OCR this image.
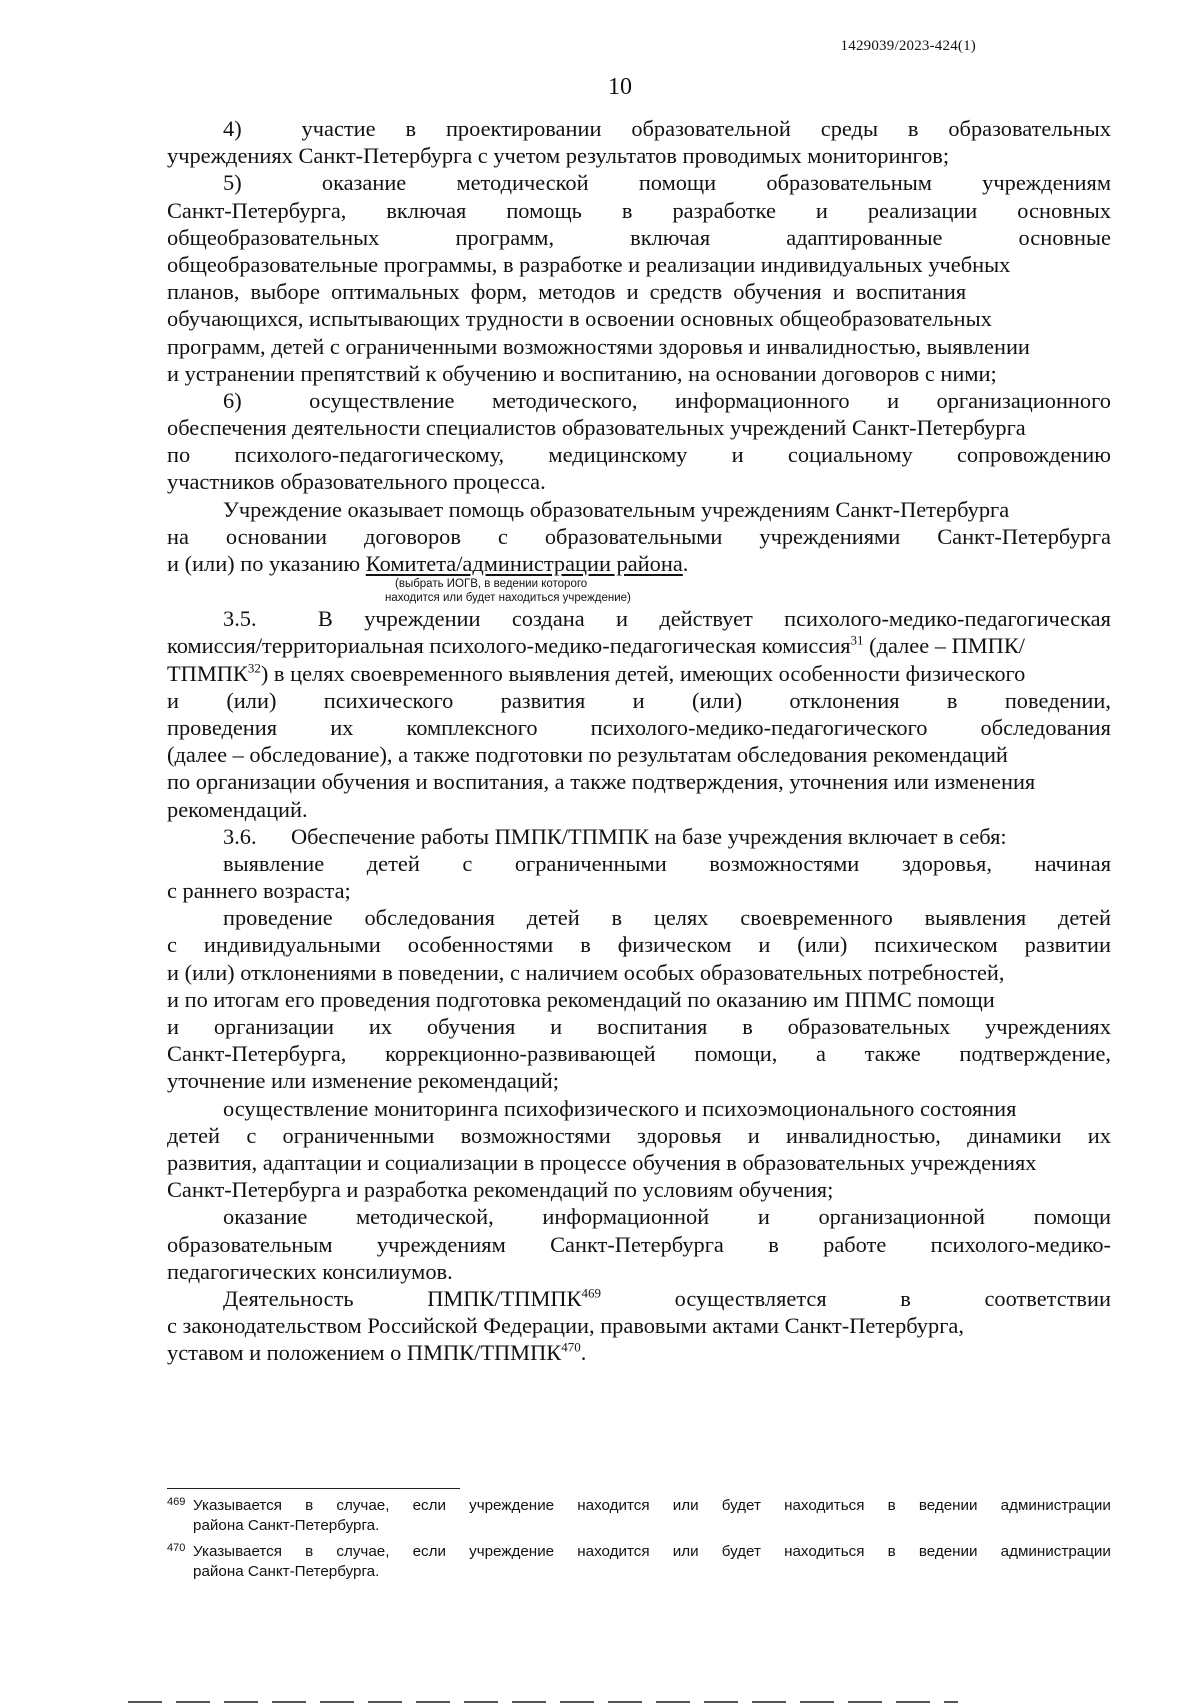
1429039/2023-424(1)
10
4)	участие в проектировании образовательной среды в образовательных
учреждениях Санкт-Петербурга с учетом результатов проводимых мониторингов;
5)	оказание методической помощи образовательным учреждениям
Санкт-Петербурга, включая помощь в разработке и реализации основных
общеобразовательных	программ,	включая	адаптированные	основные
общеобразовательные программы, в разработке и реализации индивидуальных учебных
планов, выборе оптимальных форм, методов и средств обучения и воспитания
обучающихся, испытывающих трудности в освоении основных общеобразовательных
программ, детей с ограниченными возможностями здоровья и инвалидностью, выявлении
и устранении препятствий к обучению и воспитанию, на основании договоров с ними;
6)	осуществление методического, информационного и организационного
обеспечения деятельности специалистов образовательных учреждений Санкт-Петербурга
по психолого-педагогическому, медицинскому и социальному сопровождению
участников образовательного процесса.
Учреждение оказывает помощь образовательным учреждениям Санкт-Петербурга
на основании договоров с образовательными учреждениями Санкт-Петербурга
и (или) по указанию Комитета/администрации района.
(выбрать ИОГВ, в ведении которого
находится или будет находиться учреждение)
3.5.	В учреждении создана и действует психолого-медико-педагогическая
комиссия/территориальная психолого-медико-педагогическая комиссия$^{31}$ (далее – ПМПК/
ТПМПК$^{32}$) в целях своевременного выявления детей, имеющих особенности физического
и (или) психического развития и (или) отклонения в поведении,
проведения их комплексного психолого-медико-педагогического обследования
(далее – обследование), а также подготовки по результатам обследования рекомендаций
по организации обучения и воспитания, а также подтверждения, уточнения или изменения
рекомендаций.
3.6. Обеспечение работы ПМПК/ТПМПК на базе учреждения включает в себя:
выявление детей с ограниченными возможностями здоровья, начиная
с раннего возраста;
проведение обследования детей в целях своевременного выявления детей
с индивидуальными особенностями в физическом и (или) психическом развитии
и (или) отклонениями в поведении, с наличием особых образовательных потребностей,
и по итогам его проведения подготовка рекомендаций по оказанию им ППМС помощи
и организации их обучения и воспитания в образовательных учреждениях
Санкт-Петербурга, коррекционно-развивающей помощи, а также подтверждение,
уточнение или изменение рекомендаций;
осуществление мониторинга психофизического и психоэмоционального состояния
детей с ограниченными возможностями здоровья и инвалидностью, динамики их
развития, адаптации и социализации в процессе обучения в образовательных учреждениях
Санкт-Петербурга и разработка рекомендаций по условиям обучения;
оказание методической, информационной и организационной помощи
образовательным учреждениям Санкт-Петербурга в работе психолого-медико-
педагогических консилиумов.
Деятельность	ПМПК/ТПМПК$^{469}$	осуществляется	в	соответствии
с законодательством Российской Федерации, правовыми актами Санкт-Петербурга,
уставом и положением о ПМПК/ТПМПК$^{470}$.
469 Указывается в случае, если учреждение находится или будет находиться в ведении администрации
района Санкт-Петербурга.
470 Указывается в случае, если учреждение находится или будет находиться в ведении администрации
района Санкт-Петербурга.
